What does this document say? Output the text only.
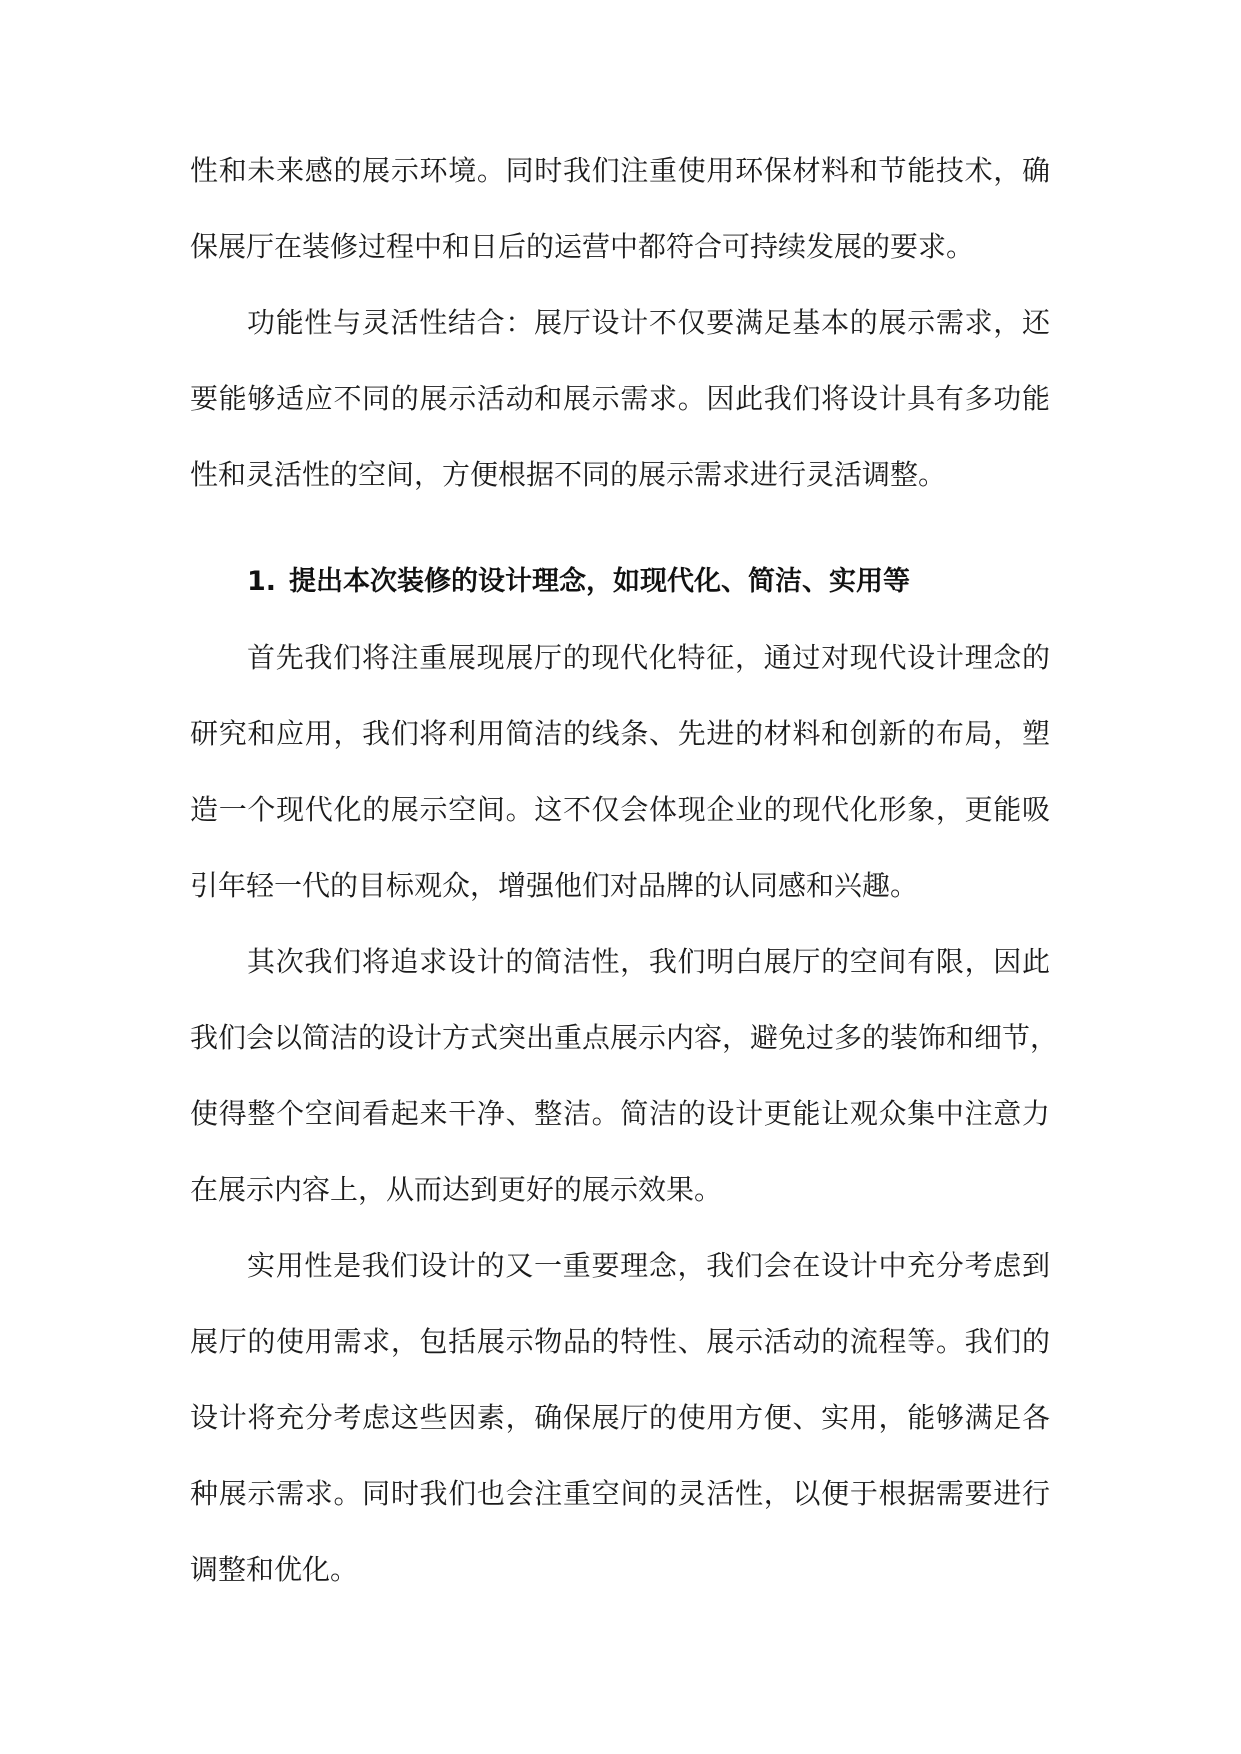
性和未来感的展示环境。同时我们注重使用环保材料和节能技术，确
保展厅在装修过程中和日后的运营中都符合可持续发展的要求。
功能性与灵活性结合：展厅设计不仅要满足基本的展示需求，还
要能够适应不同的展示活动和展示需求。因此我们将设计具有多功能
性和灵活性的空间，方便根据不同的展示需求进行灵活调整。
1. 提出本次装修的设计理念，如现代化、简洁、实用等
首先我们将注重展现展厅的现代化特征，通过对现代设计理念的
研究和应用，我们将利用简洁的线条、先进的材料和创新的布局，塑
造一个现代化的展示空间。这不仅会体现企业的现代化形象，更能吸
引年轻一代的目标观众，增强他们对品牌的认同感和兴趣。
其次我们将追求设计的简洁性，我们明白展厅的空间有限，因此
我们会以简洁的设计方式突出重点展示内容，避免过多的装饰和细节，
使得整个空间看起来干净、整洁。简洁的设计更能让观众集中注意力
在展示内容上，从而达到更好的展示效果。
实用性是我们设计的又一重要理念，我们会在设计中充分考虑到
展厅的使用需求，包括展示物品的特性、展示活动的流程等。我们的
设计将充分考虑这些因素，确保展厅的使用方便、实用，能够满足各
种展示需求。同时我们也会注重空间的灵活性，以便于根据需要进行
调整和优化。
